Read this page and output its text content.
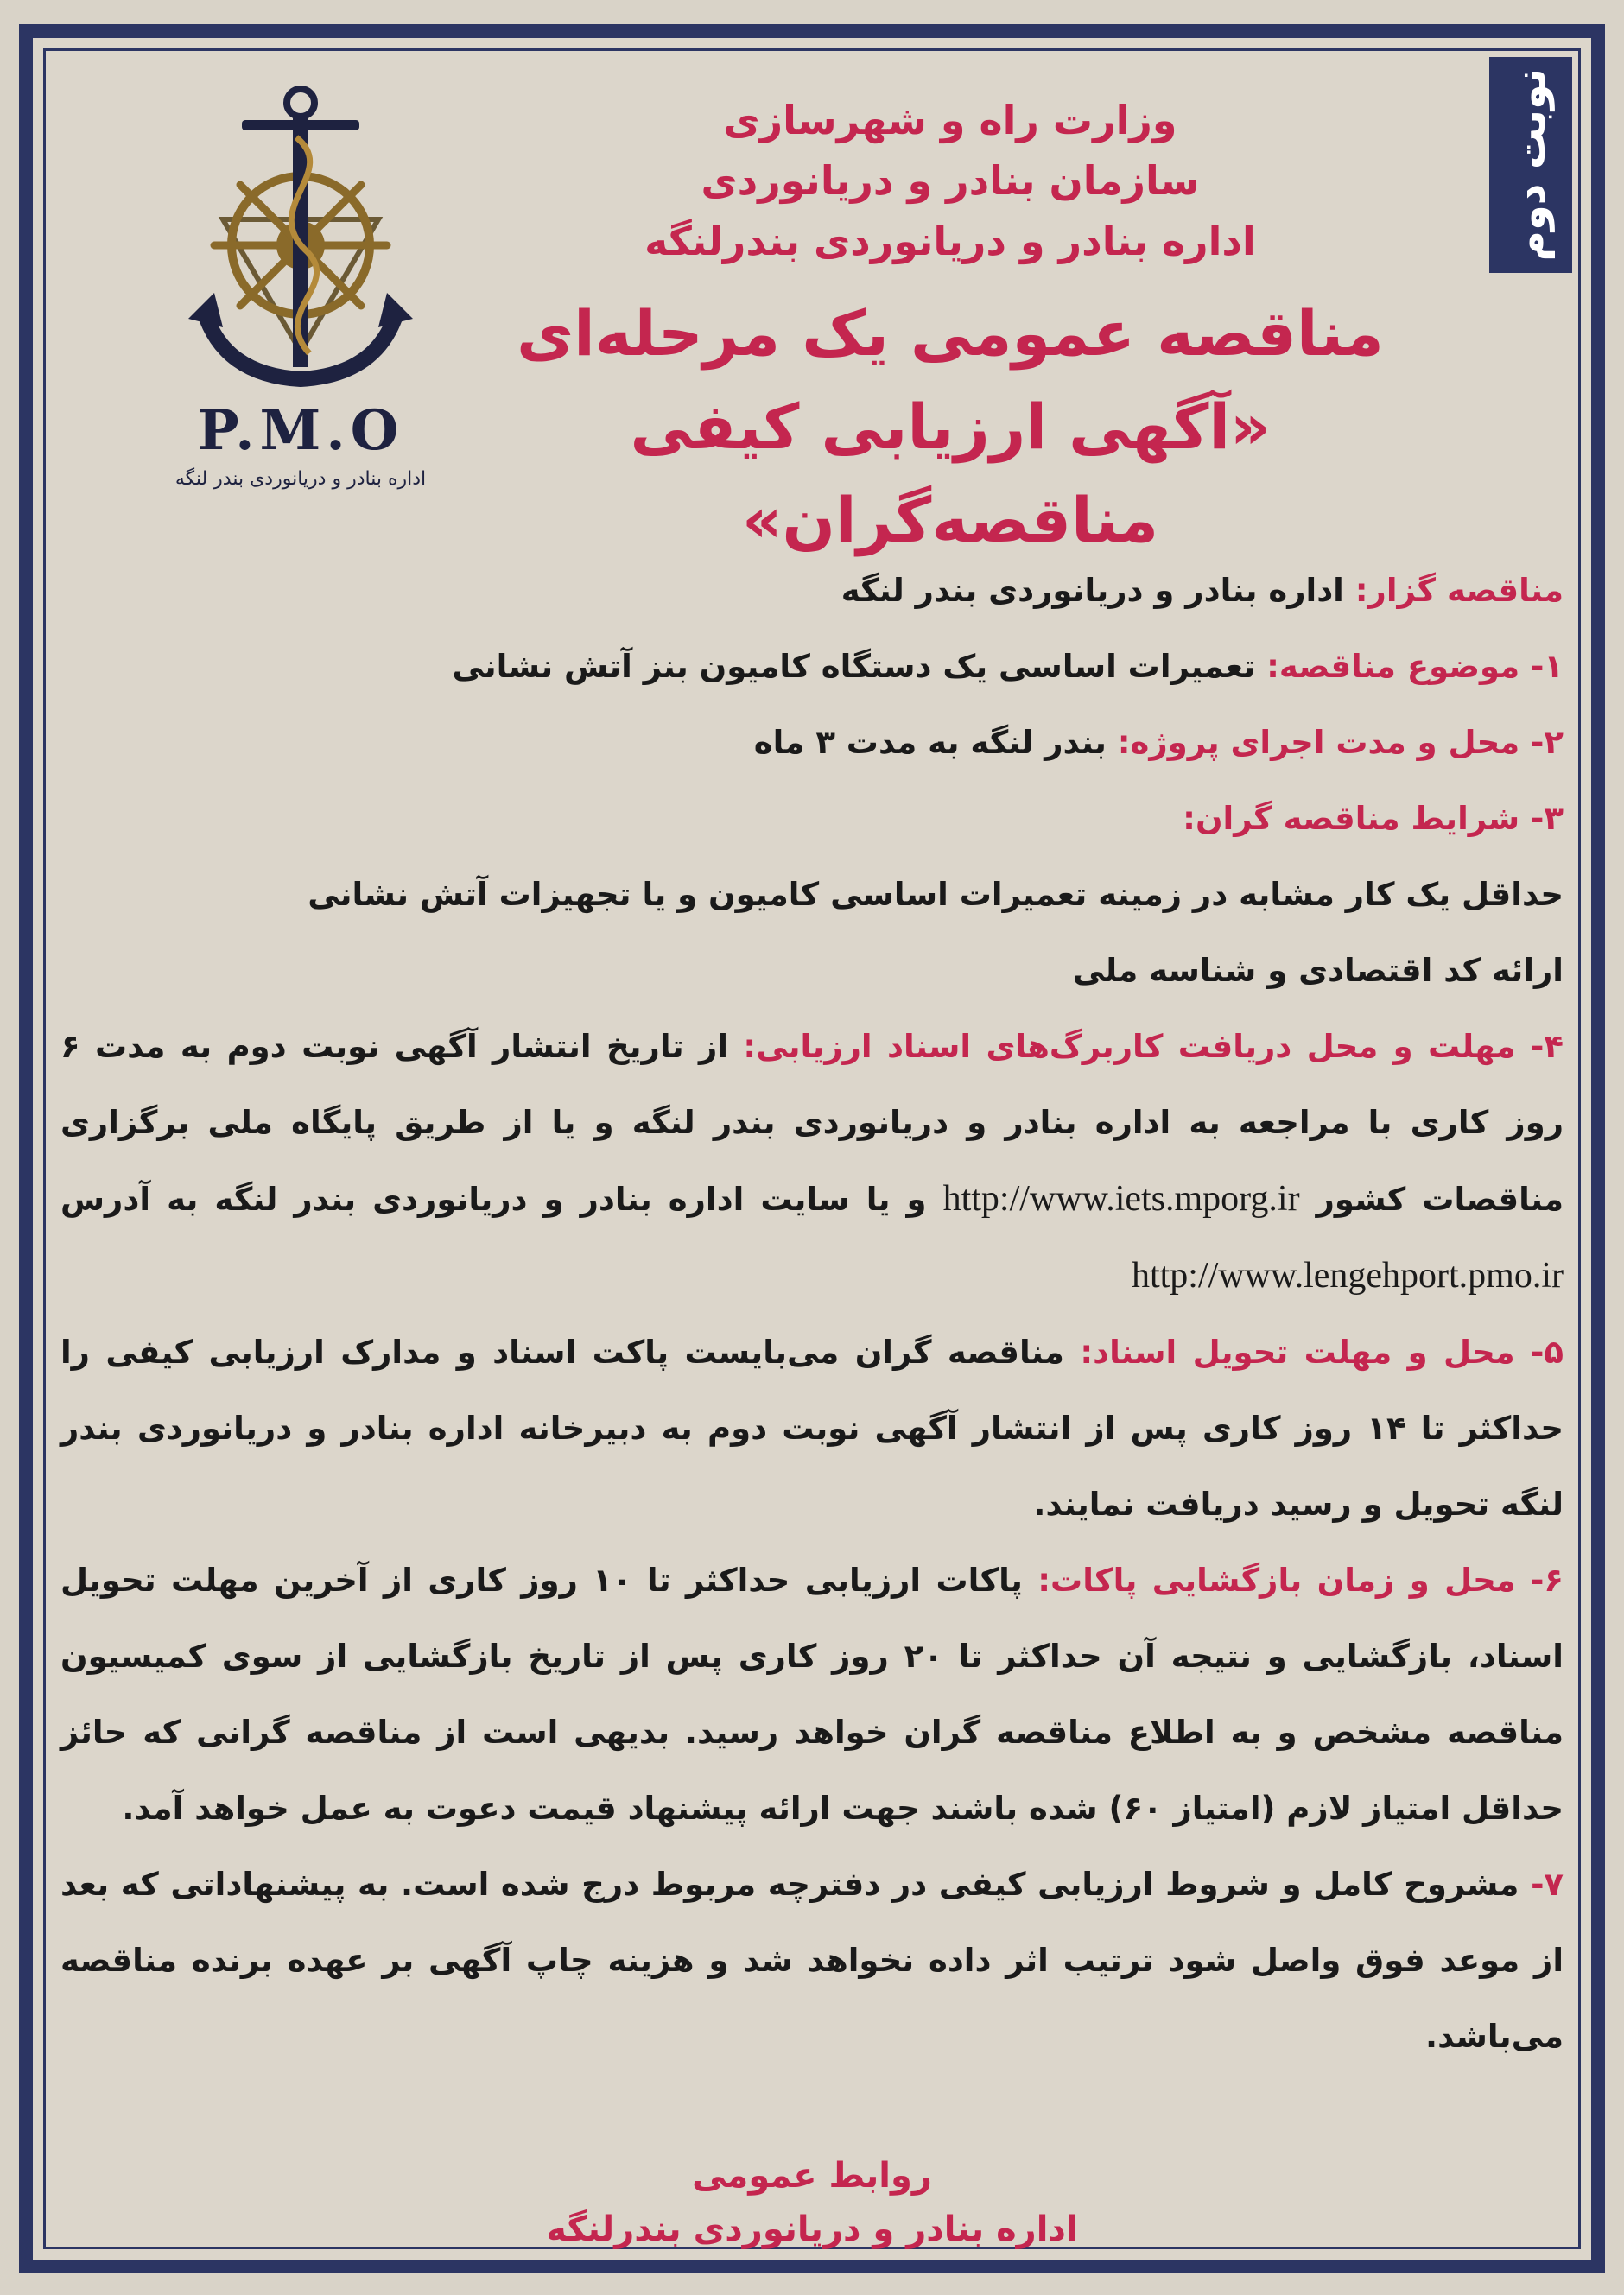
نوبت دوم
P.M.O
اداره بنادر و دریانوردی بندر لنگه
وزارت راه و شهرسازی
سازمان بنادر و دریانوردی
اداره بنادر و دریانوردی بندرلنگه
مناقصه عمومی یک مرحله‌ای
«آگهی ارزیابی کیفی مناقصه‌گران»

مناقصه گزار: اداره بنادر و دریانوردی بندر لنگه

۱- موضوع مناقصه: تعمیرات اساسی یک دستگاه کامیون بنز آتش نشانی

۲- محل و مدت اجرای پروژه: بندر لنگه به مدت ۳ ماه

۳- شرایط مناقصه گران:

حداقل یک کار مشابه در زمینه تعمیرات اساسی کامیون و یا تجهیزات آتش نشانی

ارائه کد اقتصادی و شناسه ملی

۴- مهلت و محل دریافت کاربرگ‌های اسناد ارزیابی: از تاریخ انتشار آگهی نوبت دوم به مدت ۶ روز کاری با مراجعه به اداره بنادر و دریانوردی بندر لنگه و یا از طریق پایگاه ملی برگزاری مناقصات کشور http://www.iets.mporg.ir و یا سایت اداره بنادر و دریانوردی بندر لنگه به آدرس http://www.lengehport.pmo.ir

۵- محل و مهلت تحویل اسناد: مناقصه گران می‌بایست پاکت اسناد و مدارک ارزیابی کیفی را حداکثر تا ۱۴ روز کاری پس از انتشار آگهی نوبت دوم به دبیرخانه اداره بنادر و دریانوردی بندر لنگه تحویل و رسید دریافت نمایند.

۶- محل و زمان بازگشایی پاکات: پاکات ارزیابی حداکثر تا ۱۰ روز کاری از آخرین مهلت تحویل اسناد، بازگشایی و نتیجه آن حداکثر تا ۲۰ روز کاری پس از تاریخ بازگشایی از سوی کمیسیون مناقصه مشخص و به اطلاع مناقصه گران خواهد رسید. بدیهی است از مناقصه گرانی که حائز حداقل امتیاز لازم (امتیاز ۶۰) شده باشند جهت ارائه پیشنهاد قیمت دعوت به عمل خواهد آمد.

۷- مشروح کامل و شروط ارزیابی کیفی در دفترچه مربوط درج شده است. به پیشنهاداتی که بعد از موعد فوق واصل شود ترتیب اثر داده نخواهد شد و هزینه چاپ آگهی بر عهده برنده مناقصه می‌باشد.

روابط عمومی
اداره بنادر و دریانوردی بندرلنگه
